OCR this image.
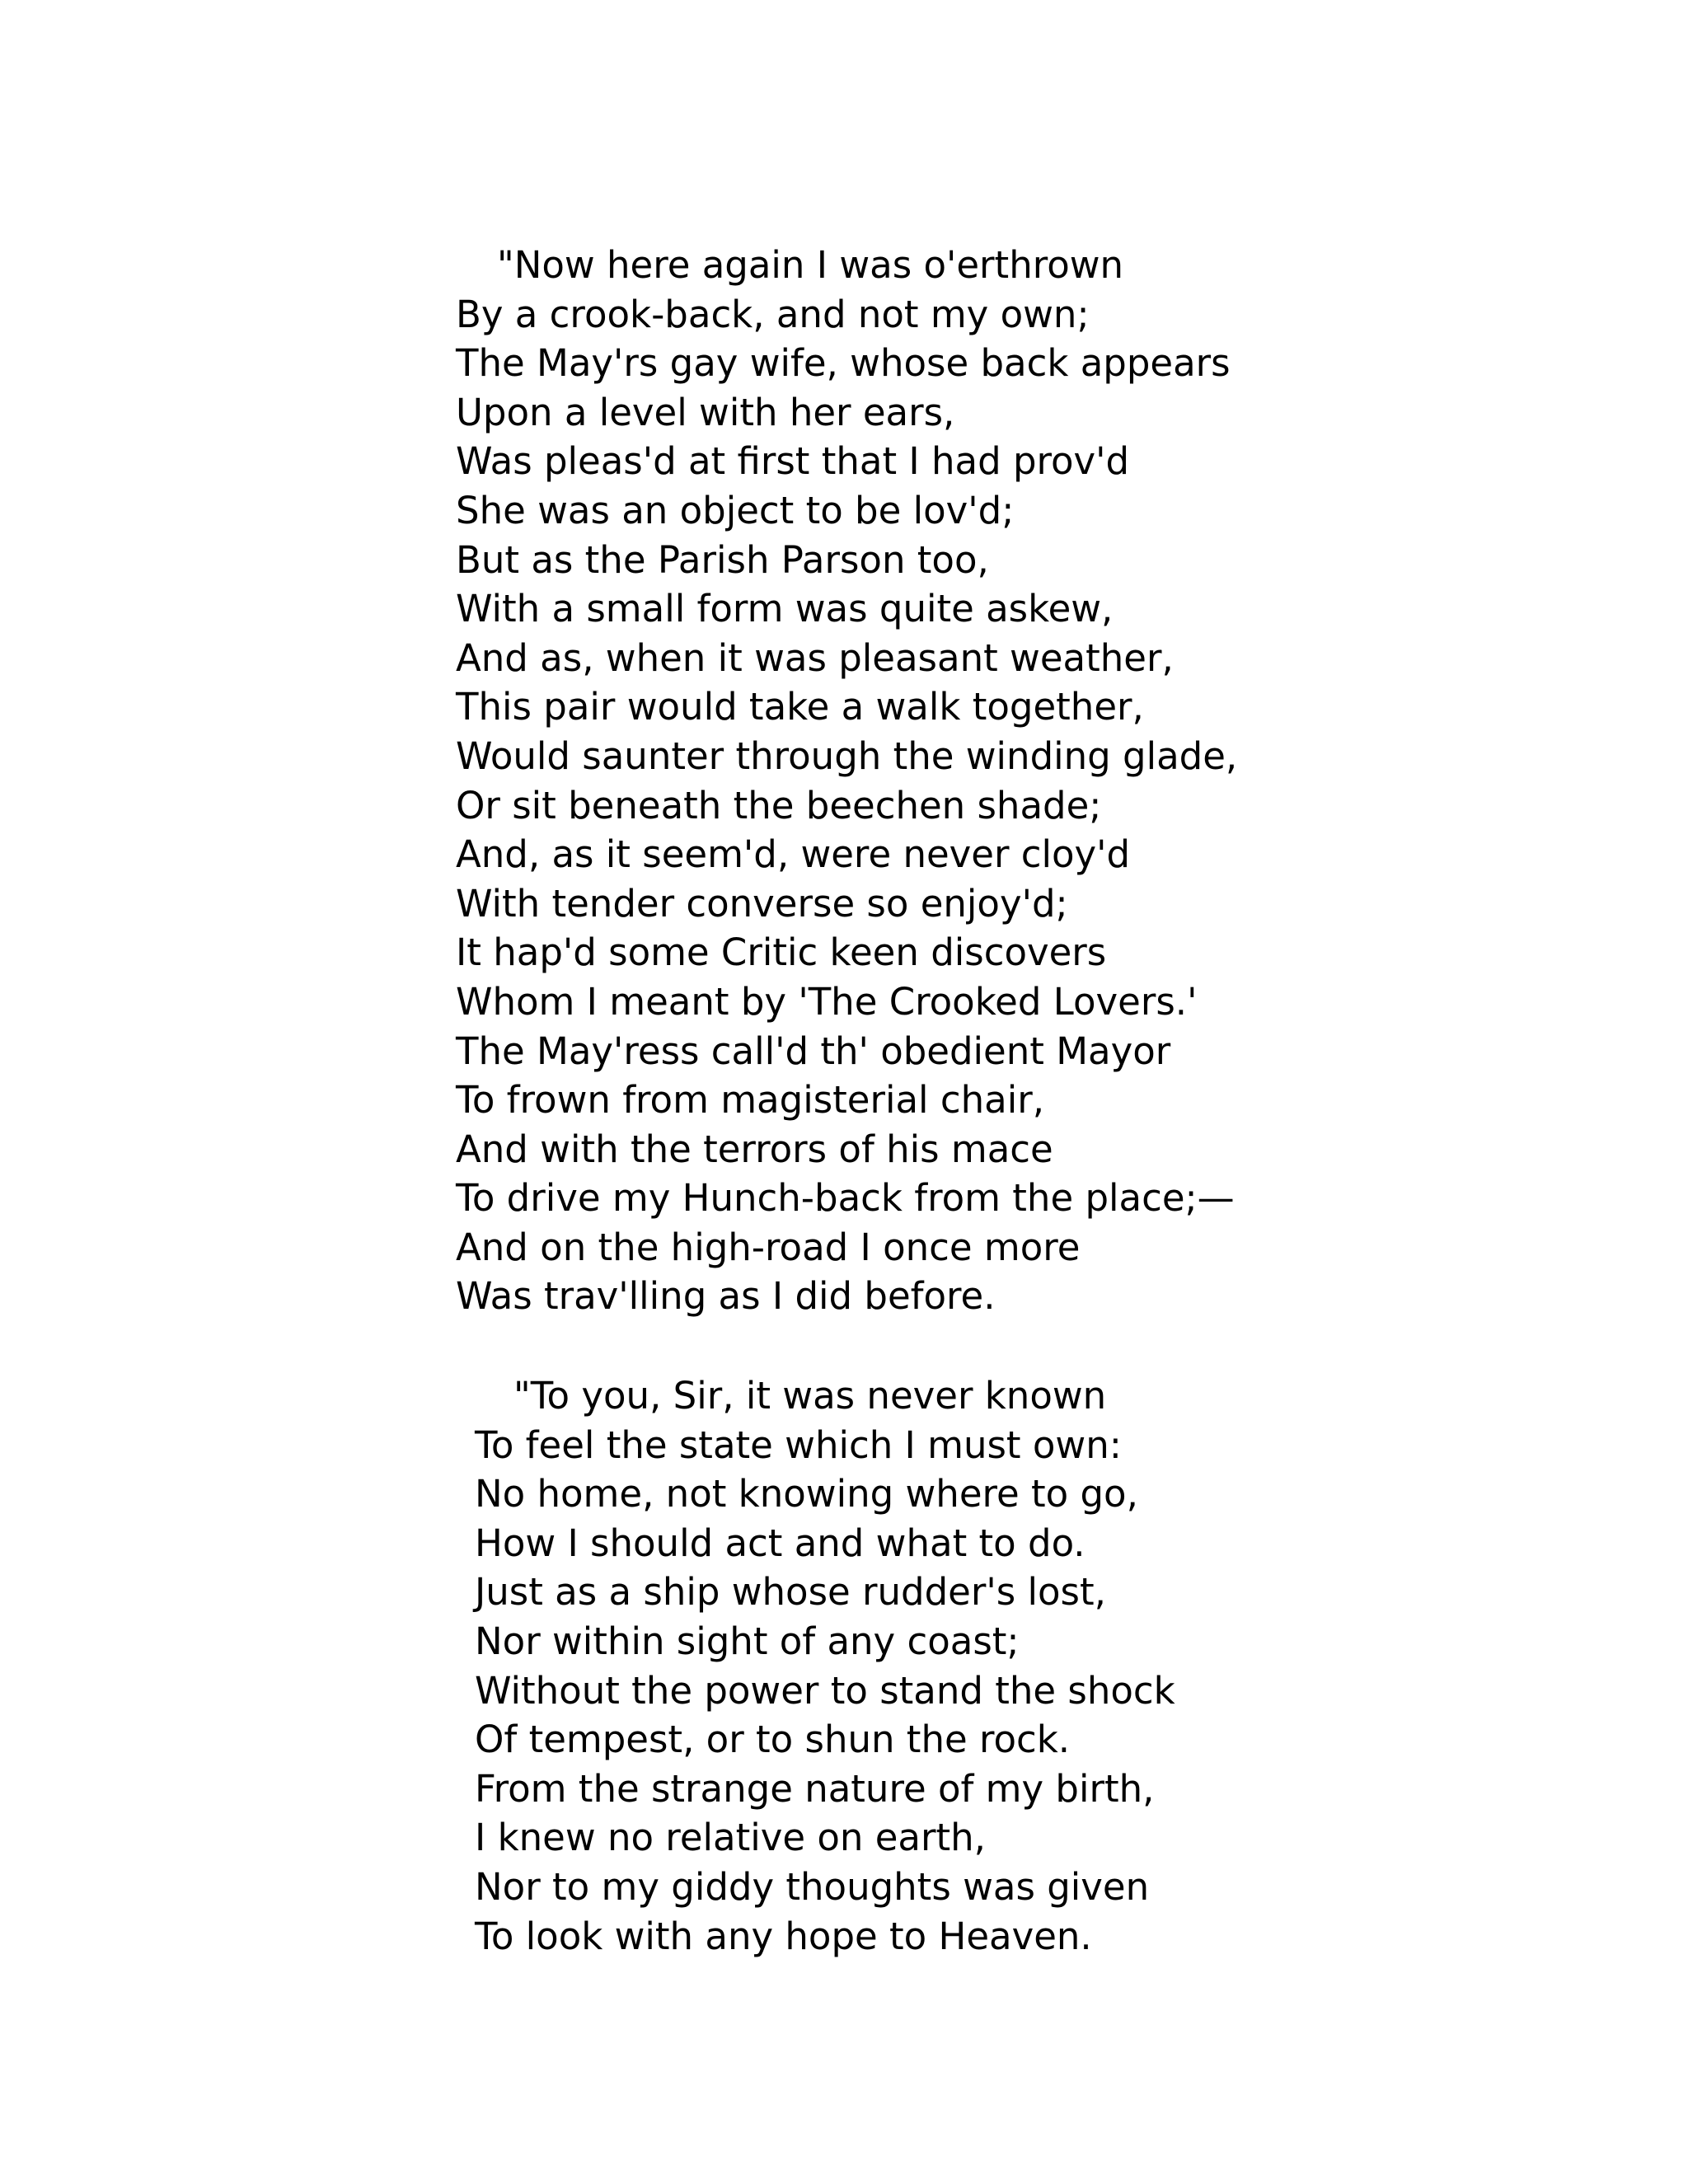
"Now here again I was o'erthrown
By a crook-back, and not my own;
The May'rs gay wife, whose back appears
Upon a level with her ears,
Was pleas'd at first that I had prov'd
She was an object to be lov'd;
But as the Parish Parson too,
With a small form was quite askew,
And as, when it was pleasant weather,
This pair would take a walk together,
Would saunter through the winding glade,
Or sit beneath the beechen shade;
And, as it seem'd, were never cloy'd
With tender converse so enjoy'd;
It hap'd some Critic keen discovers
Whom I meant by 'The Crooked Lovers.'
The May'ress call'd th' obedient Mayor
To frown from magisterial chair,
And with the terrors of his mace
To drive my Hunch-back from the place;—
And on the high-road I once more
Was trav'lling as I did before.
"To you, Sir, it was never known
To feel the state which I must own:
No home, not knowing where to go,
How I should act and what to do.
Just as a ship whose rudder's lost,
Nor within sight of any coast;
Without the power to stand the shock
Of tempest, or to shun the rock.
From the strange nature of my birth,
I knew no relative on earth,
Nor to my giddy thoughts was given
To look with any hope to Heaven.
